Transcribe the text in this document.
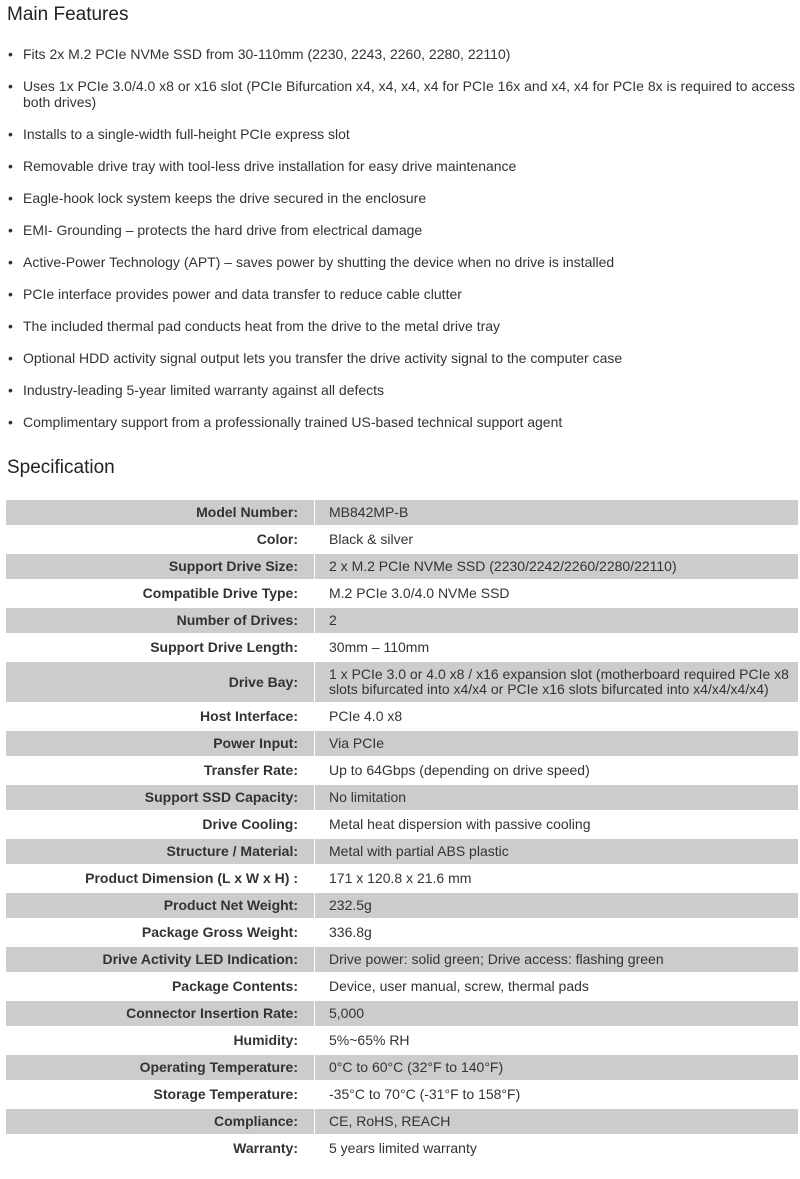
Main Features
• Fits 2x M.2 PCIe NVMe SSD from 30-110mm (2230, 2243, 2260, 2280, 22110)
• Uses 1x PCIe 3.0/4.0 x8 or x16 slot (PCIe Bifurcation x4, x4, x4, x4 for PCIe 16x and x4, x4 for PCIe 8x is required to access both drives)
• Installs to a single-width full-height PCIe express slot
• Removable drive tray with tool-less drive installation for easy drive maintenance
• Eagle-hook lock system keeps the drive secured in the enclosure
• EMI- Grounding – protects the hard drive from electrical damage
• Active-Power Technology (APT) – saves power by shutting the device when no drive is installed
• PCIe interface provides power and data transfer to reduce cable clutter
• The included thermal pad conducts heat from the drive to the metal drive tray
• Optional HDD activity signal output lets you transfer the drive activity signal to the computer case
• Industry-leading 5-year limited warranty against all defects
• Complimentary support from a professionally trained US-based technical support agent
Specification
Model Number:	MB842MP-B
Color:	Black & silver
Support Drive Size:	2 x M.2 PCIe NVMe SSD (2230/2242/2260/2280/22110)
Compatible Drive Type:	M.2 PCIe 3.0/4.0 NVMe SSD
Number of Drives:	2
Support Drive Length:	30mm – 110mm
Drive Bay:	1 x PCIe 3.0 or 4.0 x8 / x16 expansion slot (motherboard required PCIe x8 slots bifurcated into x4/x4 or PCIe x16 slots bifurcated into x4/x4/x4/x4)
Host Interface:	PCIe 4.0 x8
Power Input:	Via PCIe
Transfer Rate:	Up to 64Gbps (depending on drive speed)
Support SSD Capacity:	No limitation
Drive Cooling:	Metal heat dispersion with passive cooling
Structure / Material:	Metal with partial ABS plastic
Product Dimension (L x W x H) :	171 x 120.8 x 21.6 mm
Product Net Weight:	232.5g
Package Gross Weight:	336.8g
Drive Activity LED Indication:	Drive power: solid green; Drive access: flashing green
Package Contents:	Device, user manual, screw, thermal pads
Connector Insertion Rate:	5,000
Humidity:	5%~65% RH
Operating Temperature:	0°C to 60°C (32°F to 140°F)
Storage Temperature:	-35°C to 70°C (-31°F to 158°F)
Compliance:	CE, RoHS, REACH
Warranty:	5 years limited warranty
